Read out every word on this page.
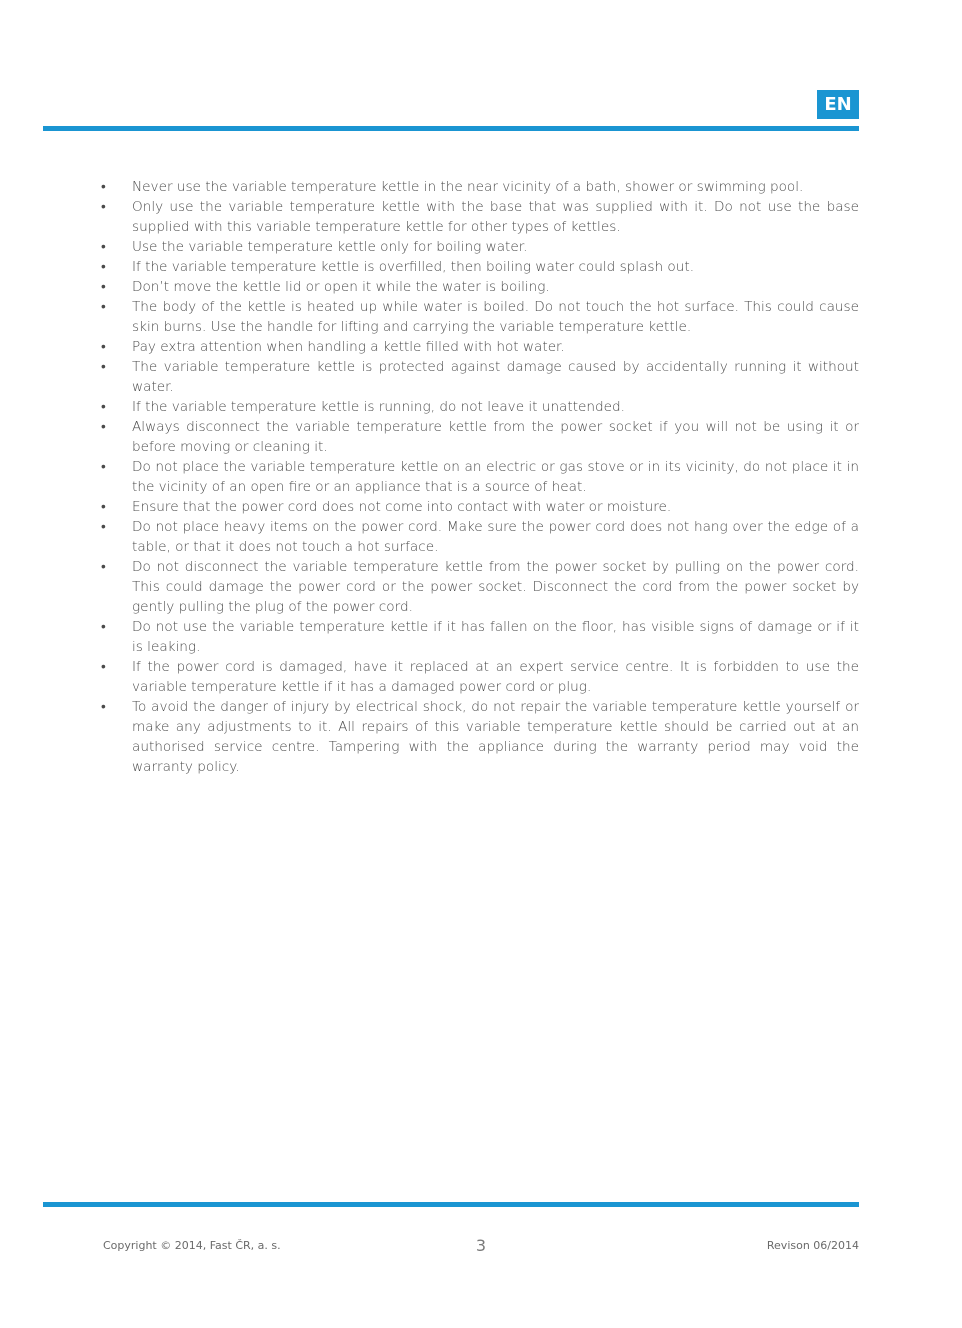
EN
•	Never use the variable temperature kettle in the near vicinity of a bath, shower or swimming pool.
•	Only use the variable temperature kettle with the base that was supplied with it. Do not use the base supplied with this variable temperature kettle for other types of kettles.
•	Use the variable temperature kettle only for boiling water.
•	If the variable temperature kettle is overfilled, then boiling water could splash out.
•	Don’t move the kettle lid or open it while the water is boiling.
•	The body of the kettle is heated up while water is boiled. Do not touch the hot surface. This could cause skin burns. Use the handle for lifting and carrying the variable temperature kettle.
•	Pay extra attention when handling a kettle filled with hot water.
•	The variable temperature kettle is protected against damage caused by accidentally running it without water.
•	If the variable temperature kettle is running, do not leave it unattended.
•	Always disconnect the variable temperature kettle from the power socket if you will not be using it or before moving or cleaning it.
•	Do not place the variable temperature kettle on an electric or gas stove or in its vicinity, do not place it in the vicinity of an open fire or an appliance that is a source of heat.
•	Ensure that the power cord does not come into contact with water or moisture.
•	Do not place heavy items on the power cord. Make sure the power cord does not hang over the edge of a table, or that it does not touch a hot surface.
•	Do not disconnect the variable temperature kettle from the power socket by pulling on the power cord. This could damage the power cord or the power socket. Disconnect the cord from the power socket by gently pulling the plug of the power cord.
•	Do not use the variable temperature kettle if it has fallen on the floor, has visible signs of damage or if it is leaking.
•	If the power cord is damaged, have it replaced at an expert service centre. It is forbidden to use the variable temperature kettle if it has a damaged power cord or plug.
•	To avoid the danger of injury by electrical shock, do not repair the variable temperature kettle yourself or make any adjustments to it. All repairs of this variable temperature kettle should be carried out at an authorised service centre. Tampering with the appliance during the warranty period may void the warranty policy.
Copyright © 2014, Fast ČR, a. s.	3	Revison 06/2014
